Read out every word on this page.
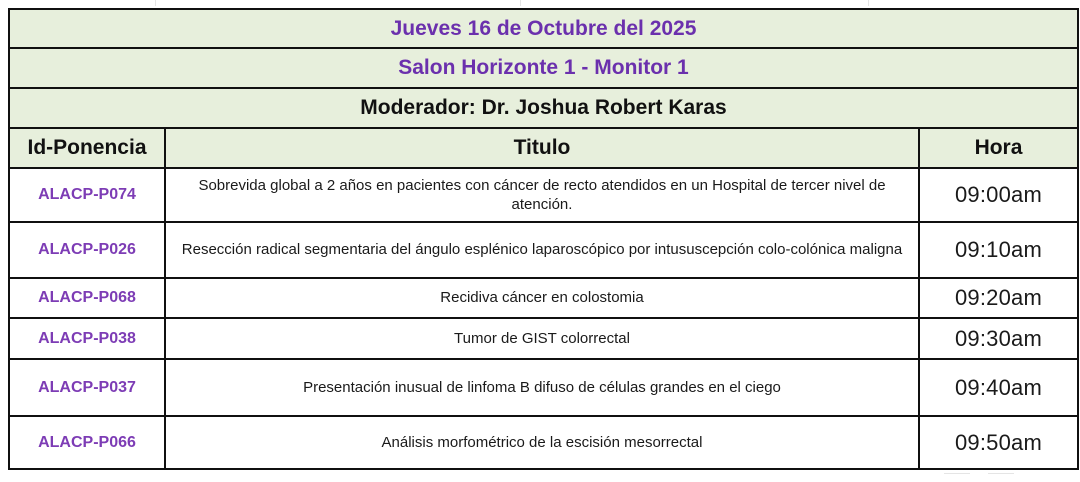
Jueves 16 de Octubre del 2025		
Salon Horizonte 1 - Monitor 1		
Moderador: Dr. Joshua Robert Karas		
Id-Ponencia	Titulo	Hora
ALACP-P074	Sobrevida global a 2 años en pacientes con cáncer de recto atendidos en un Hospital de tercer nivel de atención.	09:00am
ALACP-P026	Resección radical segmentaria del ángulo esplénico laparoscópico por intususcepción colo-colónica maligna	09:10am
ALACP-P068	Recidiva cáncer en colostomia	09:20am
ALACP-P038	Tumor de GIST colorrectal	09:30am
ALACP-P037	Presentación inusual de linfoma B difuso de células grandes en el ciego	09:40am
ALACP-P066	Análisis morfométrico de la escisión mesorrectal	09:50am
